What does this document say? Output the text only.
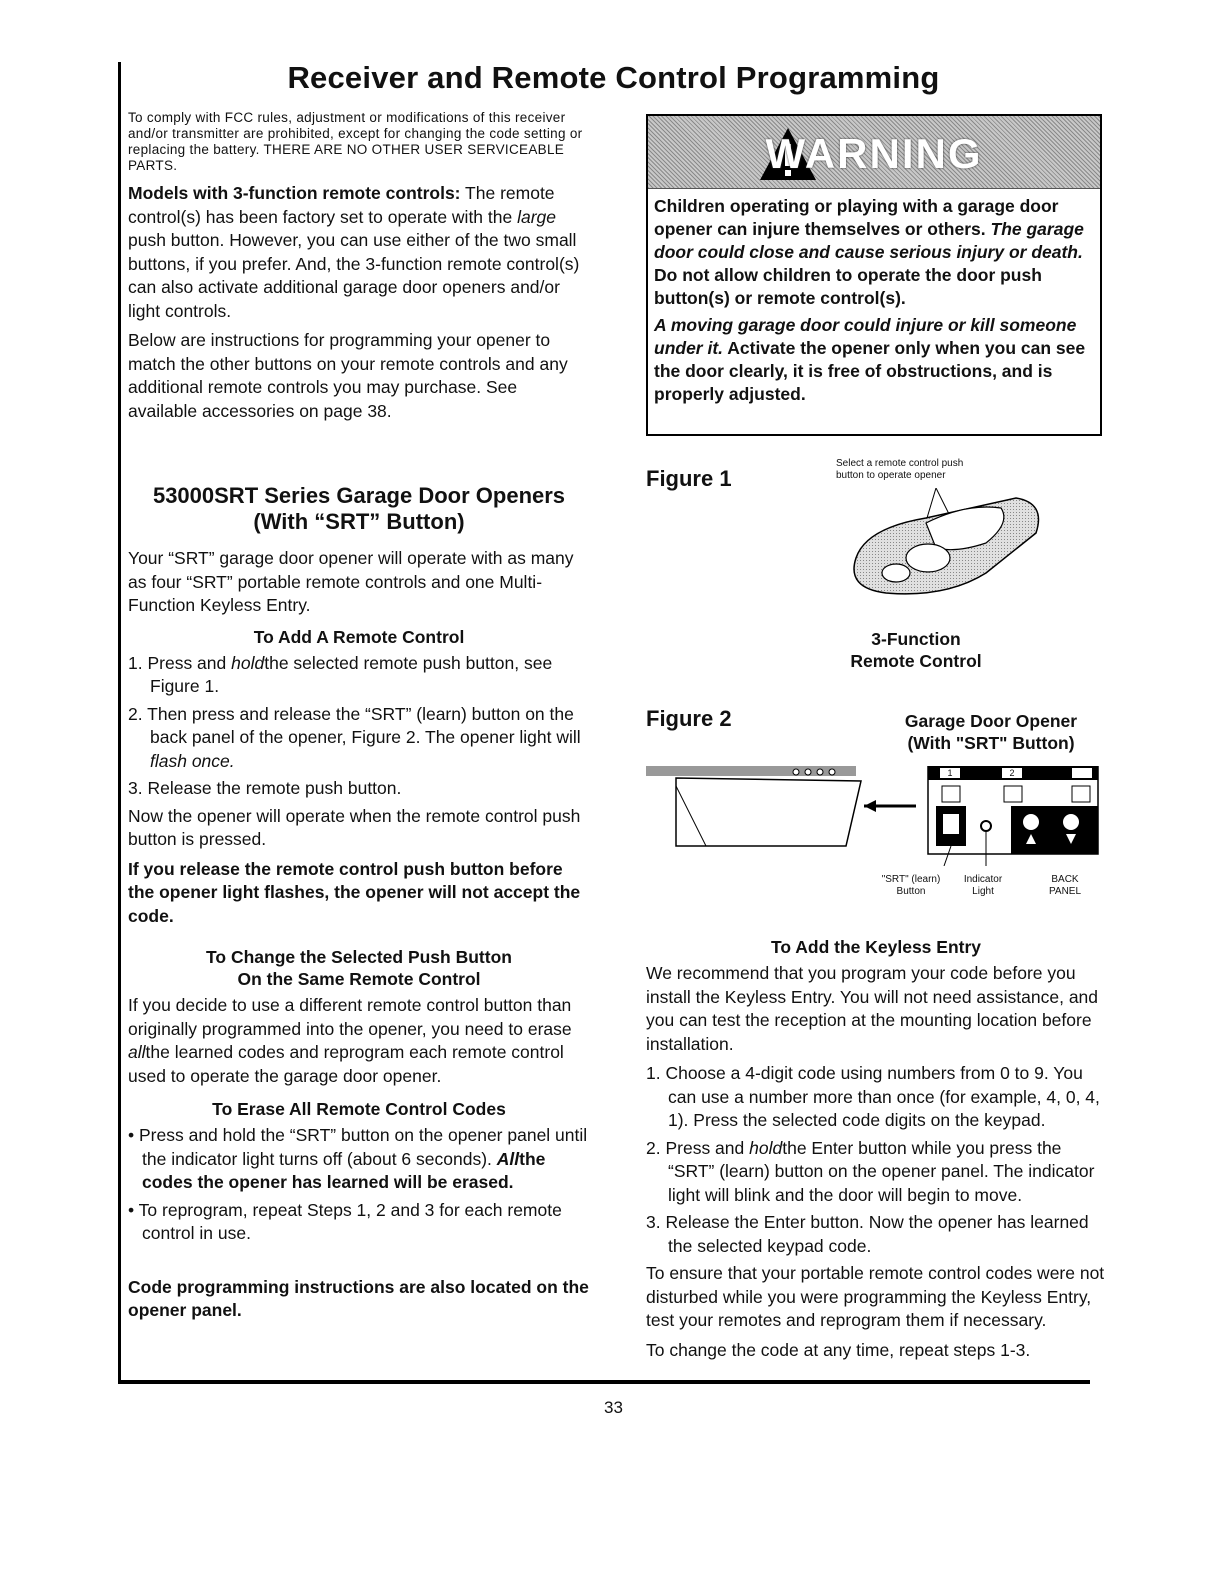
Receiver and Remote Control Programming

To comply with FCC rules, adjustment or modifications of this receiver and/or transmitter are prohibited, except for changing the code setting or replacing the battery. THERE ARE NO OTHER USER SERVICEABLE PARTS.

Models with 3-function remote controls: The remote control(s) has been factory set to operate with the large push button. However, you can use either of the two small buttons, if you prefer. And, the 3-function remote control(s) can also activate additional garage door openers and/or light controls.

Below are instructions for programming your opener to match the other buttons on your remote controls and any additional remote controls you may purchase. See available accessories on page 38.

53000SRT Series Garage Door Openers
(With “SRT” Button)

Your “SRT” garage door opener will operate with as many as four “SRT” portable remote controls and one Multi-Function Keyless Entry.

To Add A Remote Control
1. Press and holdthe selected remote push button, see Figure 1.
2. Then press and release the “SRT” (learn) button on the back panel of the opener, Figure 2. The opener light will flash once.
3. Release the remote push button.

Now the opener will operate when the remote control push button is pressed.

If you release the remote control push button before the opener light flashes, the opener will not accept the code.

To Change the Selected Push Button
On the Same Remote Control

If you decide to use a different remote control button than originally programmed into the opener, you need to erase allthe learned codes and reprogram each remote control used to operate the garage door opener.

To Erase All Remote Control Codes
• Press and hold the “SRT” button on the opener panel until the indicator light turns off (about 6 seconds). Allthe codes the opener has learned will be erased.
• To reprogram, repeat Steps 1, 2 and 3 for each remote control in use.

Code programming instructions are also located on the opener panel.

WARNING

Children operating or playing with a garage door opener can injure themselves or others. The garage door could close and cause serious injury or death. Do not allow children to operate the door push button(s) or remote control(s).

A moving garage door could injure or kill someone under it. Activate the opener only when you can see the door clearly, it is free of obstructions, and is properly adjusted.

Figure 1
Select a remote control push
button to operate opener
3-Function
Remote Control
Figure 2	Garage Door Opener
(With "SRT" Button)
"SRT" (learn)
Button
Indicator
Light
BACK
PANEL
1	2
To Add the Keyless Entry

We recommend that you program your code before you install the Keyless Entry. You will not need assistance, and you can test the reception at the mounting location before installation.

1. Choose a 4-digit code using numbers from 0 to 9. You can use a number more than once (for example, 4, 0, 4, 1). Press the selected code digits on the keypad.
2. Press and holdthe Enter button while you press the “SRT” (learn) button on the opener panel. The indicator light will blink and the door will begin to move.
3. Release the Enter button. Now the opener has learned the selected keypad code.

To ensure that your portable remote control codes were not disturbed while you were programming the Keyless Entry, test your remotes and reprogram them if necessary.

To change the code at any time, repeat steps 1-3.

33
